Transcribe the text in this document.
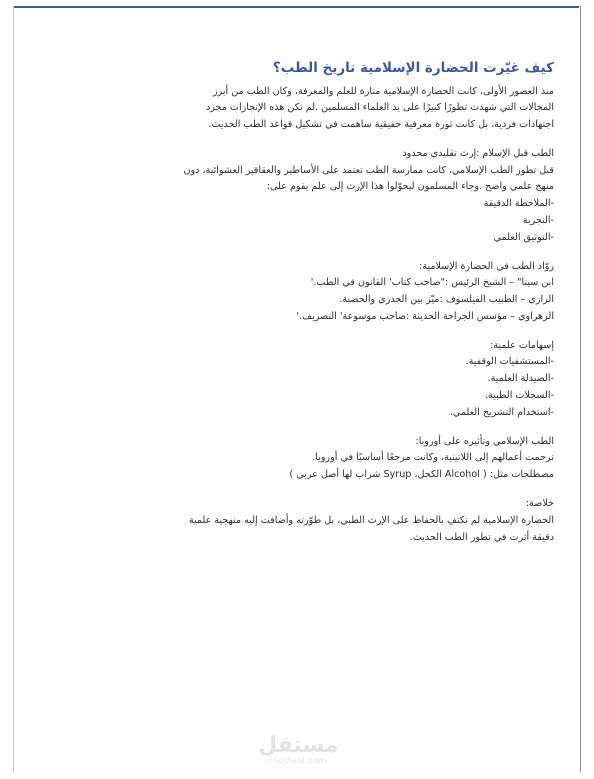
كيف غيّرت الحضارة الإسلامية تاريخ الطب؟
منذ العصور الأولى، كانت الحضارة الإسلامية منارة للعلم والمعرفة، وكان الطب من أبرز
المجالات التي شهدت تطورًا كبيرًا على يد العلماء المسلمين .لم تكن هذه الإنجازات مجرد
اجتهادات فردية، بل كانت ثورة معرفية حقيقية ساهمت في تشكيل قواعد الطب الحديث.
الطب قبل الإسلام :إرث تقليدي محدود
قبل تطور الطب الإسلامي، كانت ممارسة الطب تعتمد على الأساطير والعقاقير العشوائية، دون
منهج علمي واضح .وجاء المسلمون ليحوّلوا هذا الإرث إلى علم يقوم على:
-الملاحظة الدقيقة
-التجربة
-التوثيق العلمي
روّاد الطب في الحضارة الإسلامية:
ابن سينا" – الشيخ الرئيس :"صاحب كتاب' القانون في الطب.'
الرازي – الطبيب الفيلسوف :ميّز بين الجدري والحصبة.
الزهراوي – مؤسس الجراحة الحديثة :صاحب موسوعة' التصريف.'
إسهامات علمية:
-المستشفيات الوقفية.
-الصيدلة العلمية.
-السجلات الطبية.
-استخدام التشريح العلمي.
الطب الإسلامي وتأثيره على أوروبا:
ترجمت أعمالهم إلى اللاتينية، وكانت مرجعًا أساسيًا في أوروبا.
مصطلحات مثل: ( Alcohol الكحل، Syrup شراب لها أصل عربي )
خلاصة:
الحضارة الإسلامية لم تكتفِ بالحفاظ على الإرث الطبي، بل طوّرته وأضافت إليه منهجية علمية
دقيقة أثرت في تطور الطب الحديث.
مستقل
mostaql.com
